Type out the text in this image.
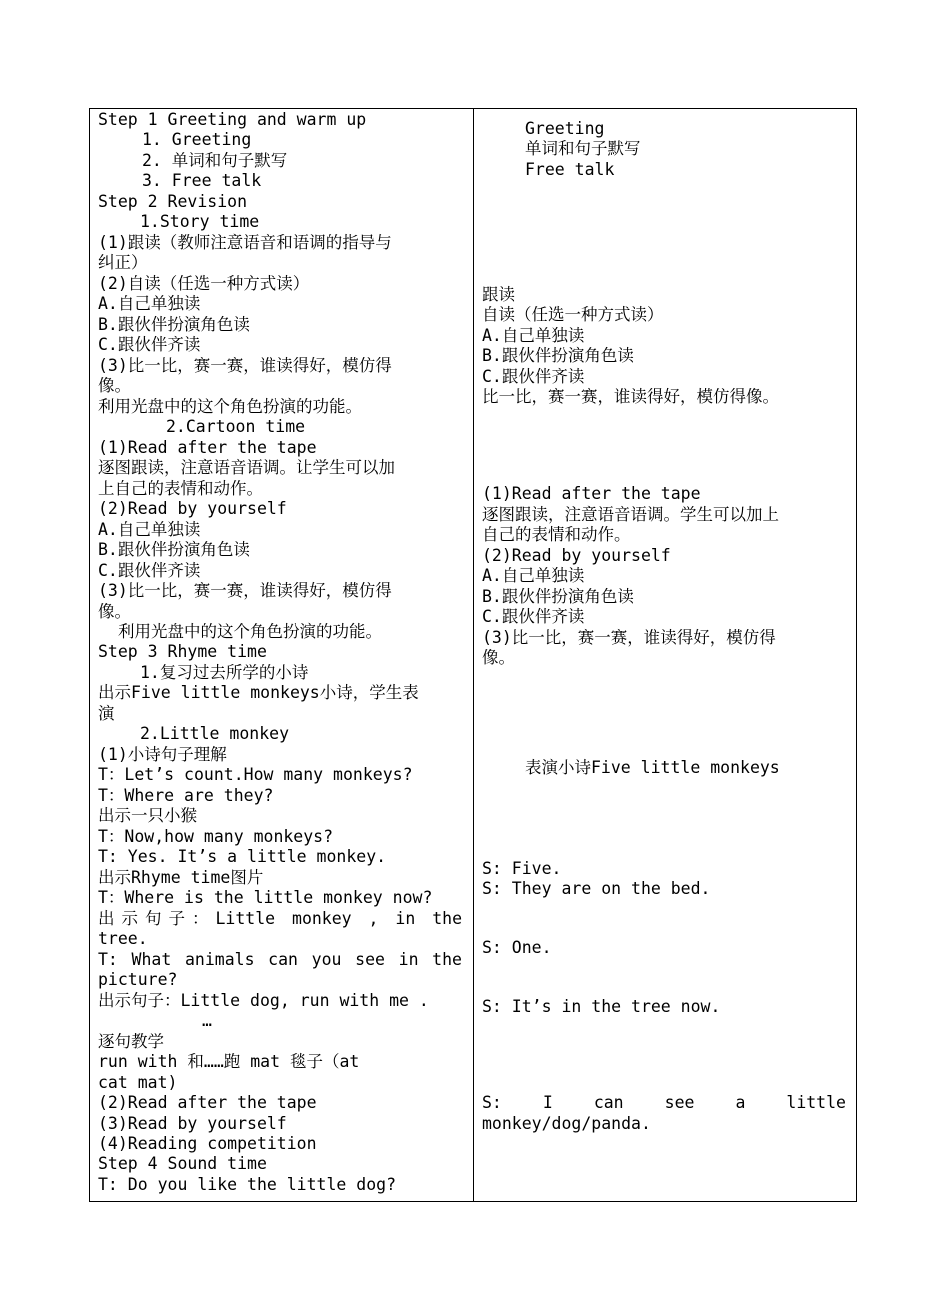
Step 1 Greeting and warm up
1. Greeting
2. 单词和句子默写
3. Free talk
Step 2 Revision
1.Story time
(1)跟读（教师注意语音和语调的指导与
纠正）
(2)自读（任选一种方式读）
A.自己单独读
B.跟伙伴扮演角色读
C.跟伙伴齐读
(3)比一比，赛一赛，谁读得好，模仿得
像。
利用光盘中的这个角色扮演的功能。
2.Cartoon time
(1)Read after the tape
逐图跟读，注意语音语调。让学生可以加
上自己的表情和动作。
(2)Read by yourself
A.自己单独读
B.跟伙伴扮演角色读
C.跟伙伴齐读
(3)比一比，赛一赛，谁读得好，模仿得
像。
利用光盘中的这个角色扮演的功能。
Step 3 Rhyme time
1.复习过去所学的小诗
出示Five little monkeys小诗，学生表
演
2.Little monkey
(1)小诗句子理解
T：Let’s count.How many monkeys?
T：Where are they?
出示一只小猴
T：Now,how many monkeys?
T: Yes. It’s a little monkey.
出示Rhyme time图片
T：Where is the little monkey now?
出示句子：Little monkey , in the
tree.
T: What animals can you see in the
picture?
出示句子：Little dog, run with me .
…
逐句教学
run with 和……跑 mat 毯子（at
cat mat)
(2)Read after the tape
(3)Read by yourself
(4)Reading competition
Step 4 Sound time
T: Do you like the little dog?
Greeting
单词和句子默写
Free talk
跟读
自读（任选一种方式读）
A.自己单独读
B.跟伙伴扮演角色读
C.跟伙伴齐读
比一比，赛一赛，谁读得好，模仿得像。
(1)Read after the tape
逐图跟读，注意语音语调。学生可以加上
自己的表情和动作。
(2)Read by yourself
A.自己单独读
B.跟伙伴扮演角色读
C.跟伙伴齐读
(3)比一比，赛一赛，谁读得好，模仿得
像。
表演小诗Five little monkeys
S: Five.
S: They are on the bed.
S: One.
S: It’s in the tree now.
S: I can see a little
monkey/dog/panda.
